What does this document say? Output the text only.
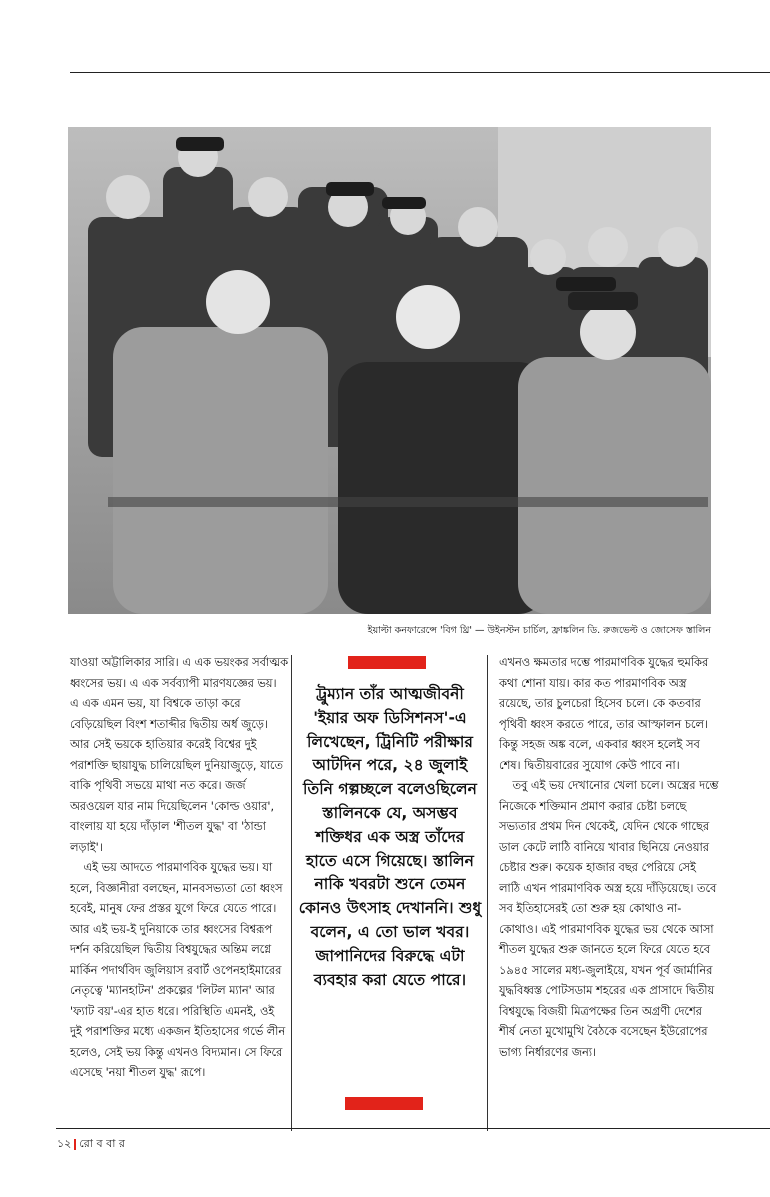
ইয়াল্টা কনফারেন্সে 'বিগ থ্রি' — উইনস্টন চার্চিল, ফ্রাঙ্কলিন ডি. রুজভেল্ট ও জোসেফ স্তালিন

যাওয়া অট্টালিকার সারি। এ এক ভয়ংকর সর্বাত্মক ধ্বংসের ভয়। এ এক সর্বব্যাপী মারণযজ্ঞের ভয়। এ এক এমন ভয়, যা বিশ্বকে তাড়া করে বেড়িয়েছিল বিংশ শতাব্দীর দ্বিতীয় অর্ধ জুড়ে। আর সেই ভয়কে হাতিয়ার করেই বিশ্বের দুই পরাশক্তি ছায়াযুদ্ধ চালিয়েছিল দুনিয়াজুড়ে, যাতে বাকি পৃথিবী সভয়ে মাথা নত করে। জর্জ অরওয়েল যার নাম দিয়েছিলেন 'কোল্ড ওয়ার', বাংলায় যা হয়ে দাঁড়াল 'শীতল যুদ্ধ' বা 'ঠান্ডা লড়াই'।

এই ভয় আদতে পারমাণবিক যুদ্ধের ভয়। যা হলে, বিজ্ঞানীরা বলছেন, মানবসভ্যতা তো ধ্বংস হবেই, মানুষ ফের প্রস্তর যুগে ফিরে যেতে পারে। আর এই ভয়-ই দুনিয়াকে তার ধ্বংসের বিশ্বরূপ দর্শন করিয়েছিল দ্বিতীয় বিশ্বযুদ্ধের অন্তিম লগ্নে মার্কিন পদার্থবিদ জুলিয়াস রবার্ট ওপেনহাইমারের নেতৃত্বে 'ম্যানহাটন' প্রকল্পের 'লিটল ম্যান' আর 'ফ্যাট বয়'-এর হাত ধরে। পরিস্থিতি এমনই, ওই দুই পরাশক্তির মধ্যে একজন ইতিহাসের গর্ভে লীন হলেও, সেই ভয় কিন্তু এখনও বিদ্যমান। সে ফিরে এসেছে 'নয়া শীতল যুদ্ধ' রূপে।

ট্রুম্যান তাঁর আত্মজীবনী 'ইয়ার অফ ডিসিশনস'-এ লিখেছেন, ট্রিনিটি পরীক্ষার আটদিন পরে, ২৪ জুলাই তিনি গল্পচ্ছলে বলেওছিলেন স্তালিনকে যে, অসম্ভব শক্তিধর এক অস্ত্র তাঁদের হাতে এসে গিয়েছে। স্তালিন নাকি খবরটা শুনে তেমন কোনও উৎসাহ দেখাননি। শুধু বলেন, এ তো ভাল খবর। জাপানিদের বিরুদ্ধে এটা ব্যবহার করা যেতে পারে।

এখনও ক্ষমতার দম্ভে পারমাণবিক যুদ্ধের হুমকির কথা শোনা যায়। কার কত পারমাণবিক অস্ত্র রয়েছে, তার চুলচেরা হিসেব চলে। কে কতবার পৃথিবী ধ্বংস করতে পারে, তার আস্ফালন চলে। কিন্তু সহজ অঙ্ক বলে, একবার ধ্বংস হলেই সব শেষ। দ্বিতীয়বারের সুযোগ কেউ পাবে না।

তবু এই ভয় দেখানোর খেলা চলে। অস্ত্রের দম্ভে নিজেকে শক্তিমান প্রমাণ করার চেষ্টা চলছে সভ্যতার প্রথম দিন থেকেই, যেদিন থেকে গাছের ডাল কেটে লাঠি বানিয়ে খাবার ছিনিয়ে নেওয়ার চেষ্টার শুরু। কয়েক হাজার বছর পেরিয়ে সেই লাঠি এখন পারমাণবিক অস্ত্র হয়ে দাঁড়িয়েছে। তবে সব ইতিহাসেরই তো শুরু হয় কোথাও না-কোথাও। এই পারমাণবিক যুদ্ধের ভয় থেকে আসা শীতল যুদ্ধের শুরু জানতে হলে ফিরে যেতে হবে ১৯৪৫ সালের মধ্য-জুলাইয়ে, যখন পূর্ব জার্মানির যুদ্ধবিধ্বস্ত পোটসডাম শহরের এক প্রাসাদে দ্বিতীয় বিশ্বযুদ্ধে বিজয়ী মিত্রপক্ষের তিন অগ্রণী দেশের শীর্ষ নেতা মুখোমুখি বৈঠকে বসেছেন ইউরোপের ভাগ্য নির্ধারণের জন্য।

১২ রো ব বা র
